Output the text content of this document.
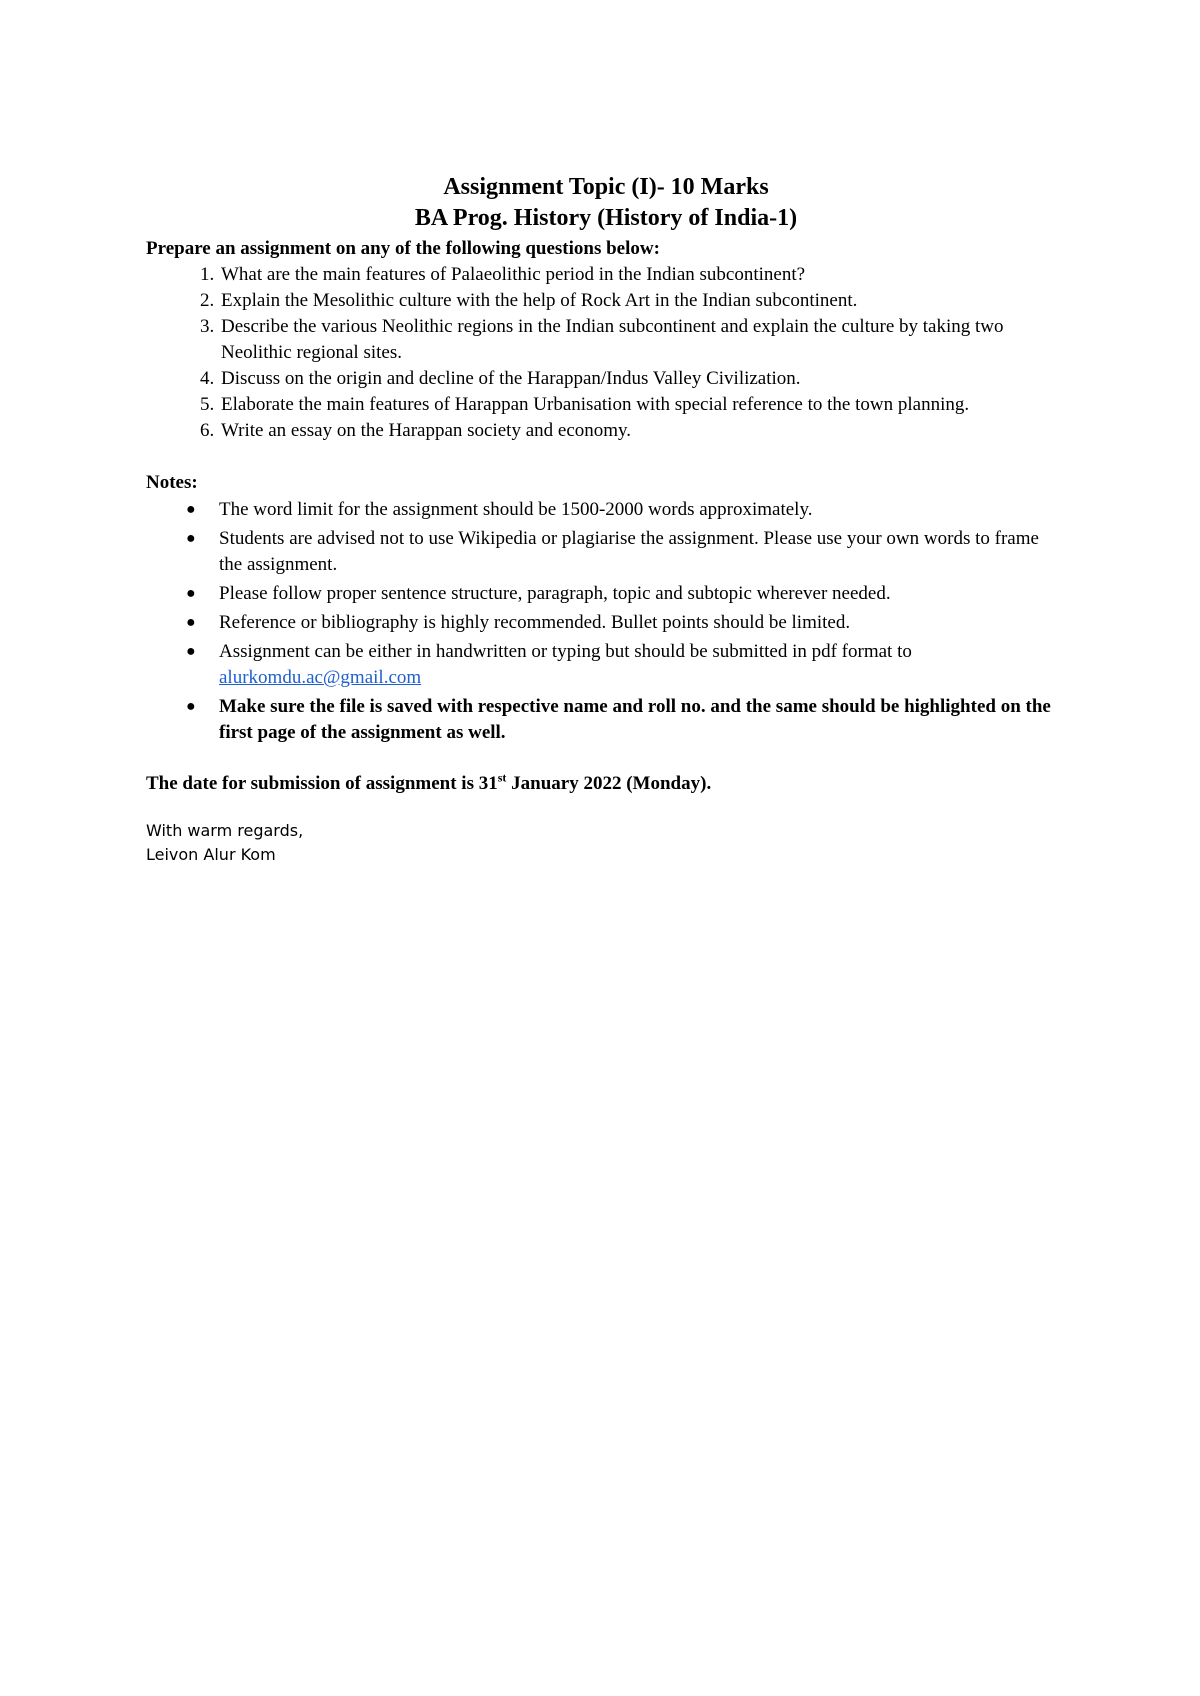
Assignment Topic (I)- 10 Marks

BA Prog. History (History of India-1)

Prepare an assignment on any of the following questions below:

1. What are the main features of Palaeolithic period in the Indian subcontinent?
2. Explain the Mesolithic culture with the help of Rock Art in the Indian subcontinent.
3. Describe the various Neolithic regions in the Indian subcontinent and explain the culture by taking two Neolithic regional sites.
4. Discuss on the origin and decline of the Harappan/Indus Valley Civilization.
5. Elaborate the main features of Harappan Urbanisation with special reference to the town planning.
6. Write an essay on the Harappan society and economy.

Notes:

● The word limit for the assignment should be 1500-2000 words approximately.
● Students are advised not to use Wikipedia or plagiarise the assignment. Please use your own words to frame the assignment.
● Please follow proper sentence structure, paragraph, topic and subtopic wherever needed.
● Reference or bibliography is highly recommended. Bullet points should be limited.
● Assignment can be either in handwritten or typing but should be submitted in pdf format to alurkomdu.ac@gmail.com
● Make sure the file is saved with respective name and roll no. and the same should be highlighted on the first page of the assignment as well.

The date for submission of assignment is 31st January 2022 (Monday).

With warm regards,
Leivon Alur Kom
